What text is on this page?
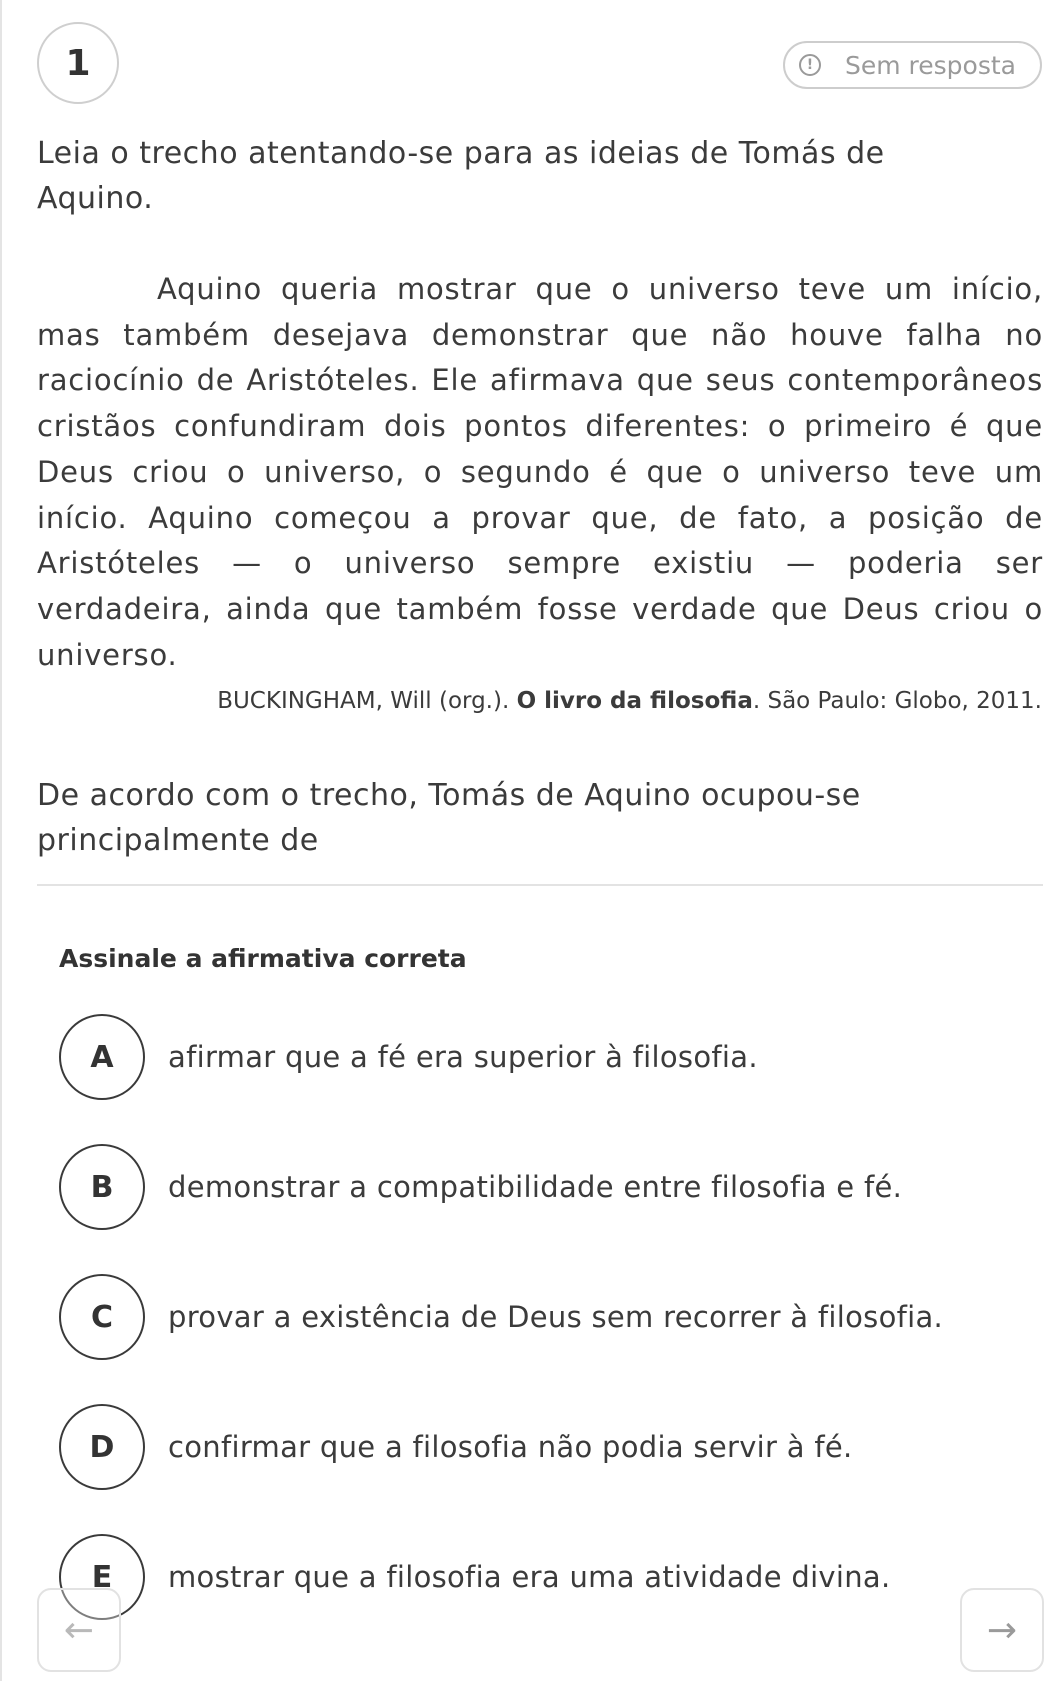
1	!	Sem resposta

Leia o trecho atentando-se para as ideias de Tomás de Aquino.

Aquino queria mostrar que o universo teve um início, mas também desejava demonstrar que não houve falha no raciocínio de Aristóteles. Ele afirmava que seus contemporâneos cristãos confundiram dois pontos diferentes: o primeiro é que Deus criou o universo, o segundo é que o universo teve um início. Aquino começou a provar que, de fato, a posição de Aristóteles — o universo sempre existiu — poderia ser verdadeira, ainda que também fosse verdade que Deus criou o universo.

BUCKINGHAM, Will (org.). O livro da filosofia. São Paulo: Globo, 2011.

De acordo com o trecho, Tomás de Aquino ocupou-se principalmente de

Assinale a afirmativa correta
A	afirmar que a fé era superior à filosofia.
B	demonstrar a compatibilidade entre filosofia e fé.
C	provar a existência de Deus sem recorrer à filosofia.
D	confirmar que a filosofia não podia servir à fé.
E	mostrar que a filosofia era uma atividade divina.
←	→
